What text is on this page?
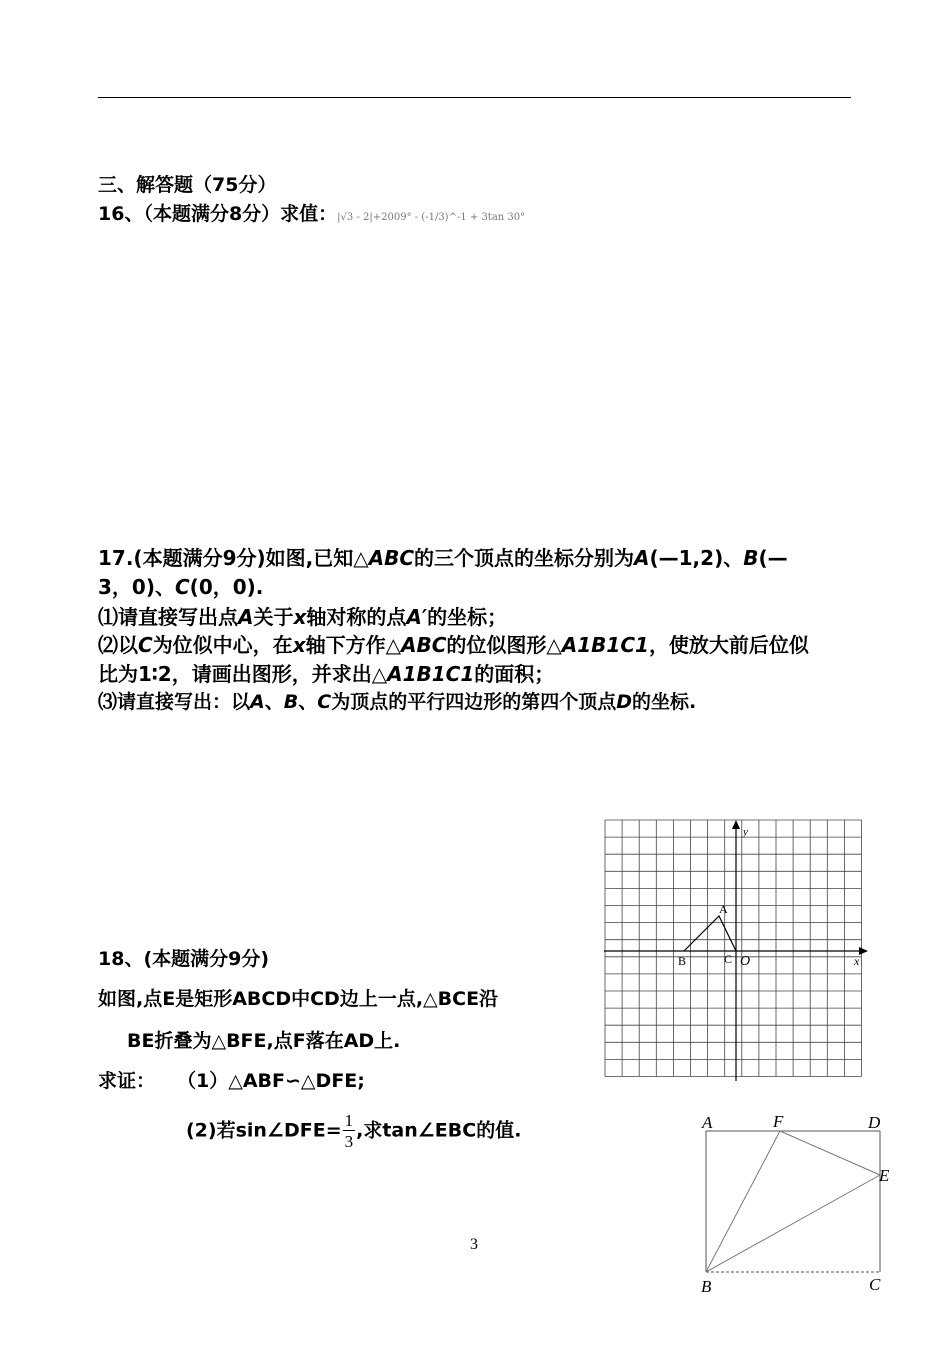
三、解答题（75分）
16、（本题满分8分）求值：|√3 - 2|+2009° - (-1/3)^-1 + 3tan 30°
17.(本题满分9分)如图,已知△ABC的三个顶点的坐标分别为A(—1,2)、B(—
3，0)、C(0，0).
⑴请直接写出点A关于x轴对称的点A′的坐标；
⑵以C为位似中心，在x轴下方作△ABC的位似图形△A1B1C1，使放大前后位似
比为1∶2，请画出图形，并求出△A1B1C1的面积；
⑶请直接写出：以A、B、C为顶点的平行四边形的第四个顶点D的坐标.
y
x
A
B	C O
18、(本题满分9分)
如图,点E是矩形ABCD中CD边上一点,△BCE沿
BE折叠为△BFE,点F落在AD上.
求证： （1）△ABF∽△DFE;
(2)若sin∠DFE= $\frac{1}{3}$ ,求tan∠EBC的值.	A	F	D
E
B	C
3
